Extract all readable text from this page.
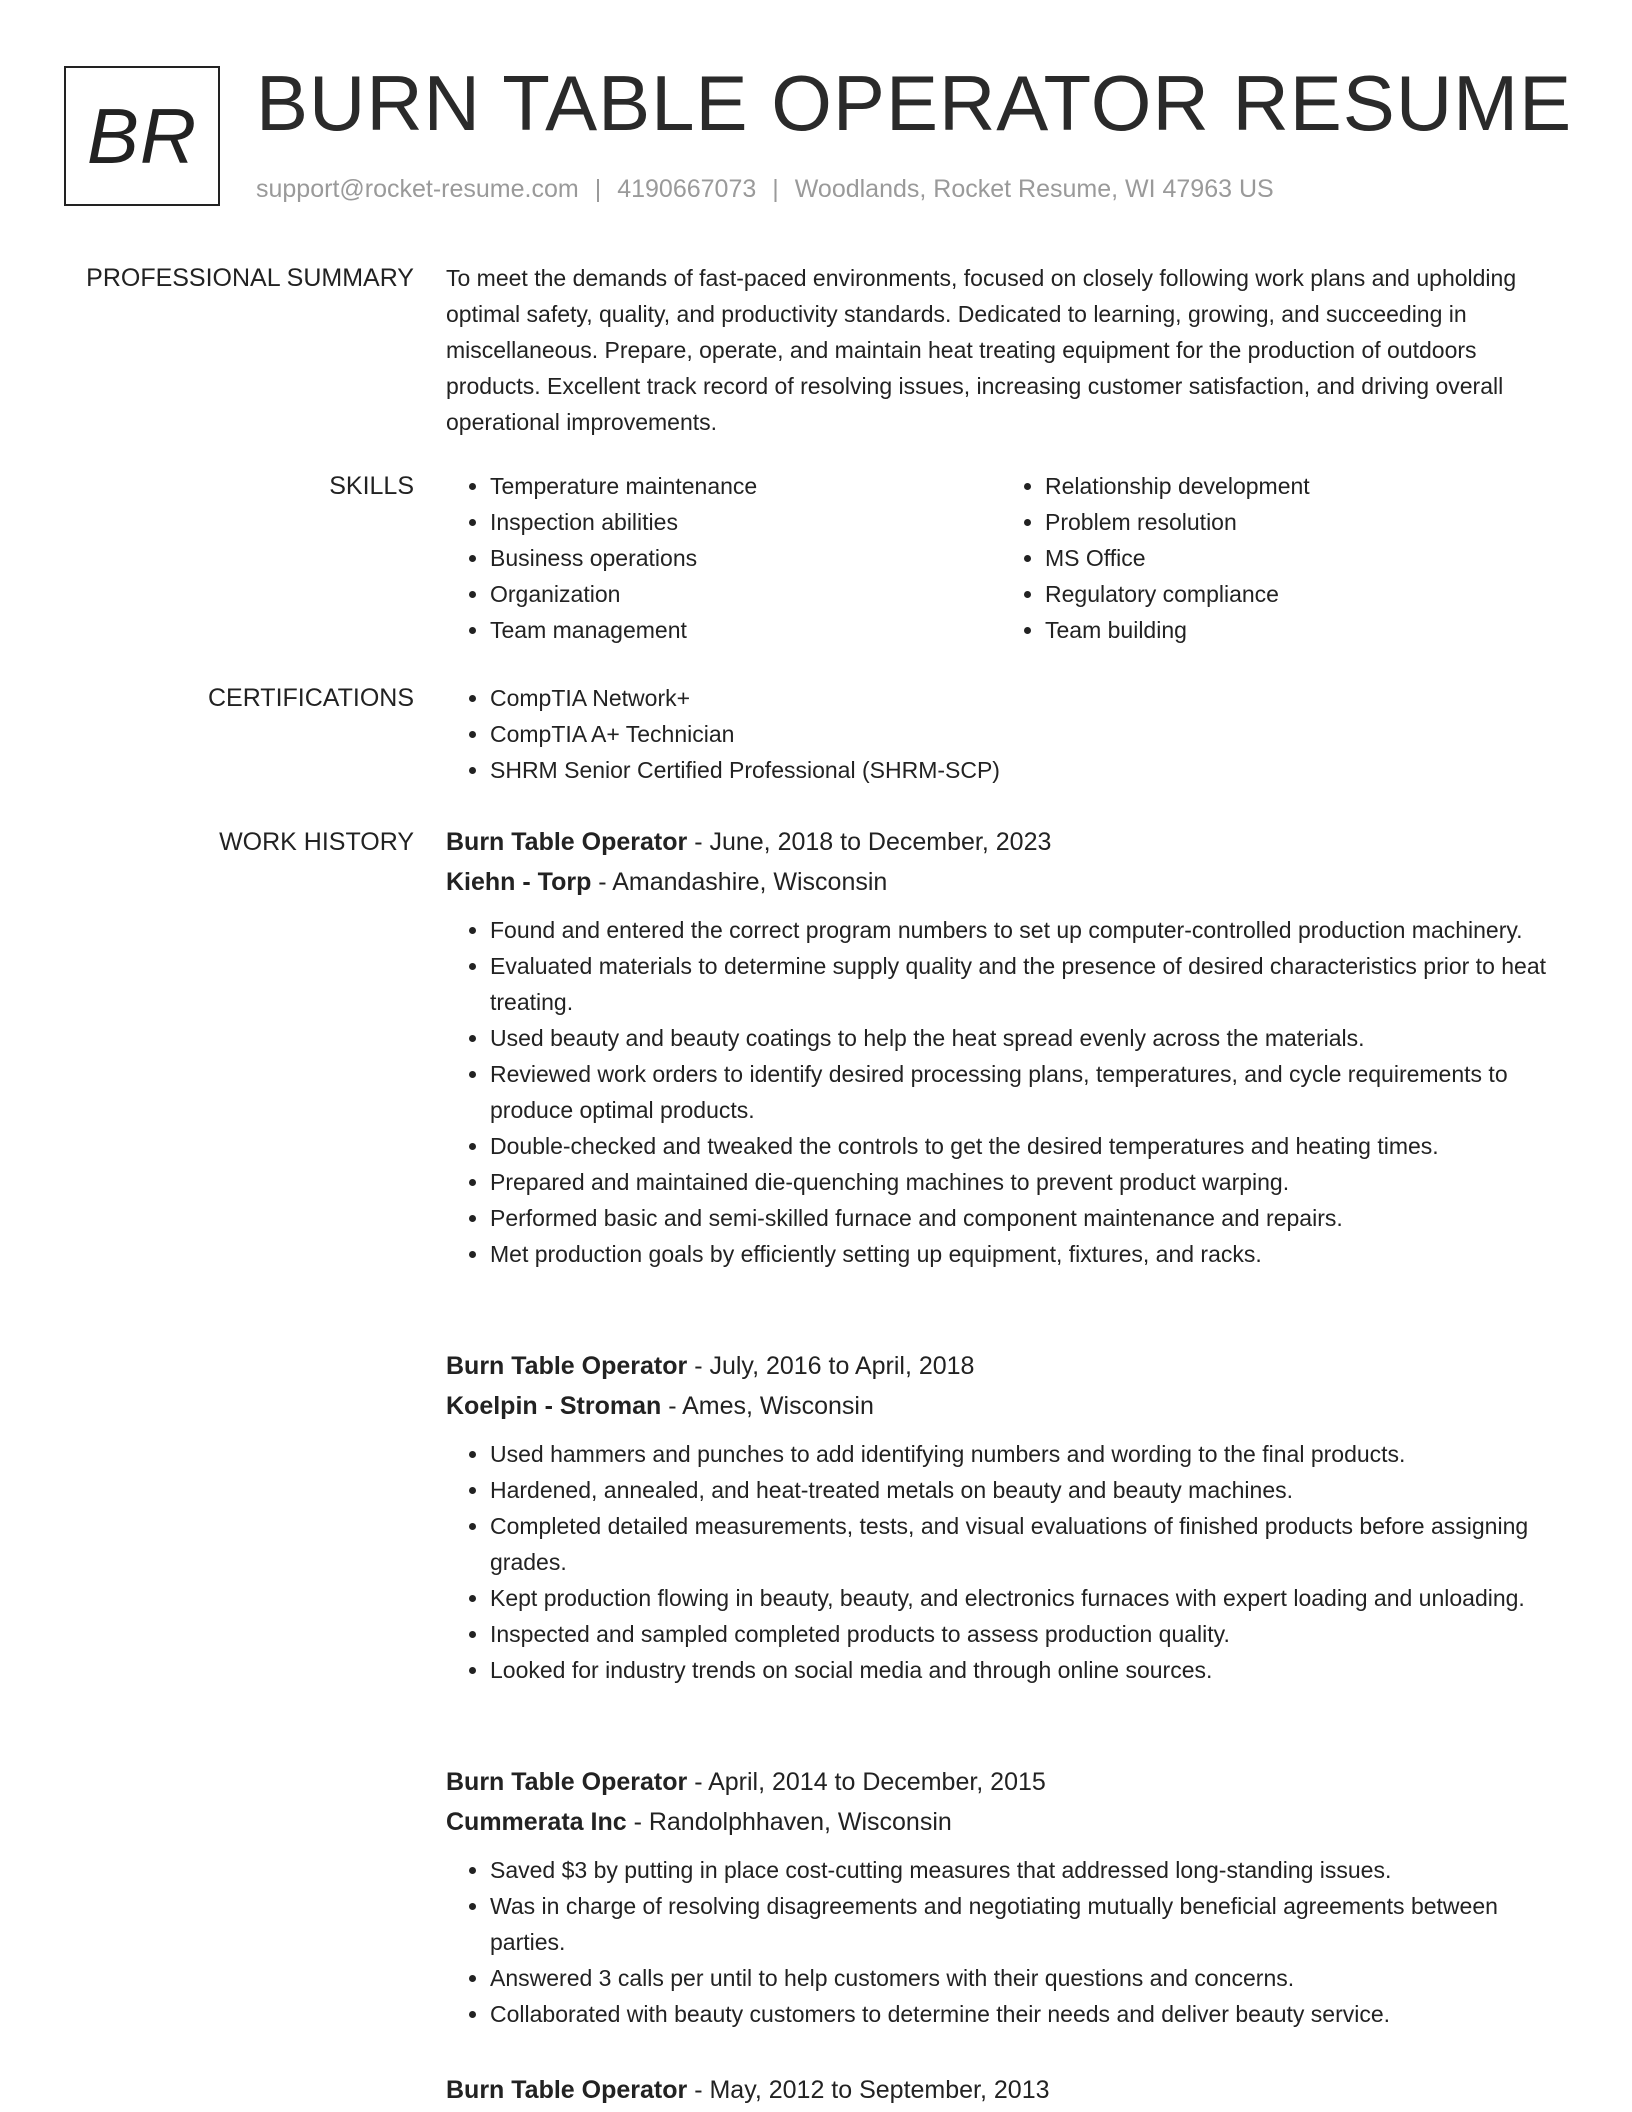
BR BURN TABLE OPERATOR RESUME
support@rocket-resume.com | 4190667073 | Woodlands, Rocket Resume, WI 47963 US
PROFESSIONAL SUMMARY To meet the demands of fast-paced environments, focused on closely following work plans and upholding optimal safety, quality, and productivity standards. Dedicated to learning, growing, and succeeding in miscellaneous. Prepare, operate, and maintain heat treating equipment for the production of outdoors products. Excellent track record of resolving issues, increasing customer satisfaction, and driving overall operational improvements.

SKILLS	• Temperature maintenance
• Inspection abilities
• Business operations
• Organization
• Team management
• Relationship development
• Problem resolution
• MS Office
• Regulatory compliance
• Team building
CERTIFICATIONS	• CompTIA Network+
• CompTIA A+ Technician
• SHRM Senior Certified Professional (SHRM-SCP)
WORK HISTORY Burn Table Operator - June, 2018 to December, 2023
Kiehn - Torp - Amandashire, Wisconsin
• Found and entered the correct program numbers to set up computer-controlled production machinery.
• Evaluated materials to determine supply quality and the presence of desired characteristics prior to heat treating.
• Used beauty and beauty coatings to help the heat spread evenly across the materials.
• Reviewed work orders to identify desired processing plans, temperatures, and cycle requirements to produce optimal products.
• Double-checked and tweaked the controls to get the desired temperatures and heating times.
• Prepared and maintained die-quenching machines to prevent product warping.
• Performed basic and semi-skilled furnace and component maintenance and repairs.
• Met production goals by efficiently setting up equipment, fixtures, and racks.
Burn Table Operator - July, 2016 to April, 2018
Koelpin - Stroman - Ames, Wisconsin
• Used hammers and punches to add identifying numbers and wording to the final products.
• Hardened, annealed, and heat-treated metals on beauty and beauty machines.
• Completed detailed measurements, tests, and visual evaluations of finished products before assigning grades.
• Kept production flowing in beauty, beauty, and electronics furnaces with expert loading and unloading.
• Inspected and sampled completed products to assess production quality.
• Looked for industry trends on social media and through online sources.
Burn Table Operator - April, 2014 to December, 2015
Cummerata Inc - Randolphhaven, Wisconsin
• Saved $3 by putting in place cost-cutting measures that addressed long-standing issues.
• Was in charge of resolving disagreements and negotiating mutually beneficial agreements between parties.
• Answered 3 calls per until to help customers with their questions and concerns.
• Collaborated with beauty customers to determine their needs and deliver beauty service.
Burn Table Operator - May, 2012 to September, 2013
